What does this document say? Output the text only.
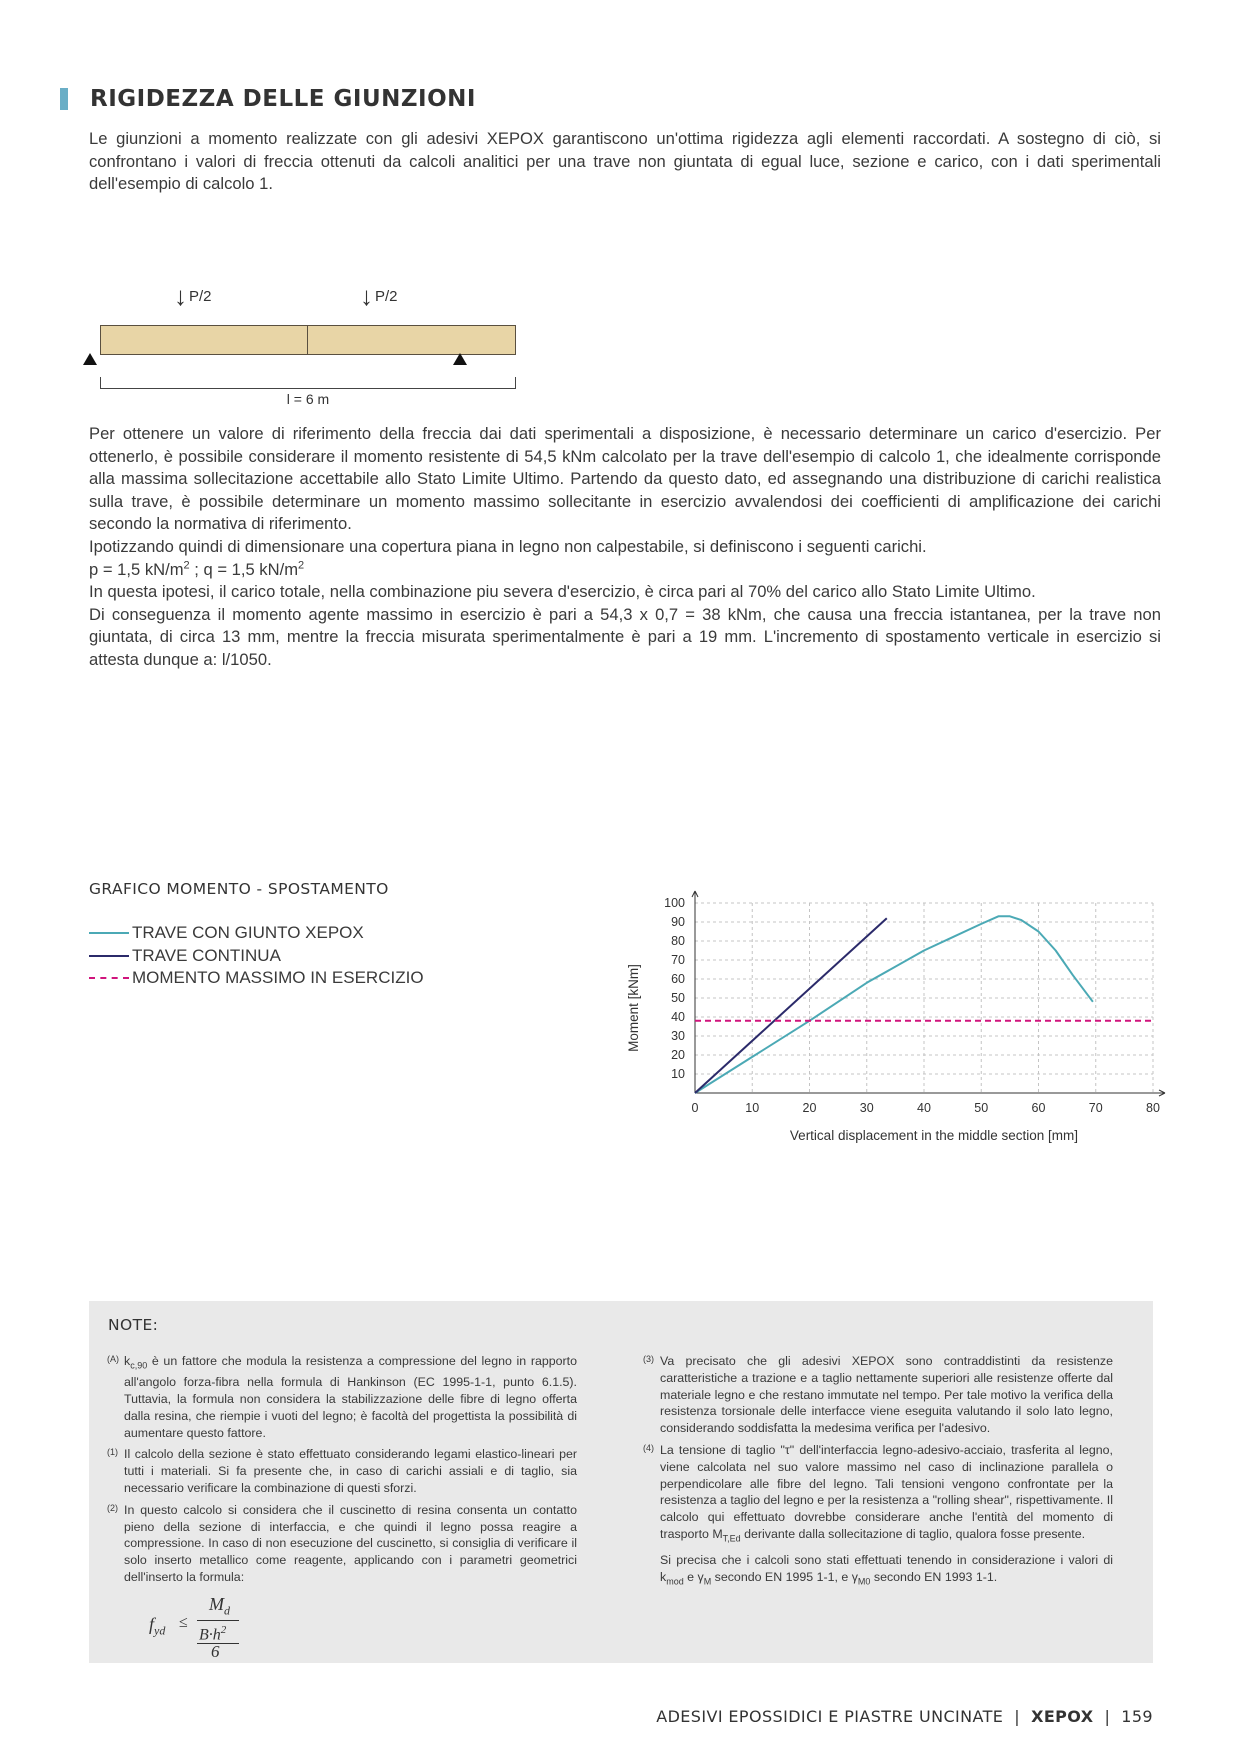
RIGIDEZZA DELLE GIUNZIONI

Le giunzioni a momento realizzate con gli adesivi XEPOX garantiscono un'ottima rigidezza agli elementi raccordati. A sostegno di ciò, si confrontano i valori di freccia ottenuti da calcoli analitici per una trave non giuntata di egual luce, sezione e carico, con i dati sperimentali dell'esempio di calcolo 1.

↓ P/2	↓ P/2
l = 6 m

Per ottenere un valore di riferimento della freccia dai dati sperimentali a disposizione, è necessario determinare un carico d'esercizio. Per ottenerlo, è possibile considerare il momento resistente di 54,5 kNm calcolato per la trave dell'esempio di calcolo 1, che idealmente corrisponde alla massima sollecitazione accettabile allo Stato Limite Ultimo. Partendo da questo dato, ed assegnando una distribuzione di carichi realistica sulla trave, è possibile determinare un momento massimo sollecitante in esercizio avvalendosi dei coefficienti di amplificazione dei carichi secondo la normativa di riferimento.

Ipotizzando quindi di dimensionare una copertura piana in legno non calpestabile, si definiscono i seguenti carichi.

p = 1,5 $kN/m^2$ ; q = 1,5 $kN/m^2$

In questa ipotesi, il carico totale, nella combinazione piu severa d'esercizio, è circa pari al 70% del carico allo Stato Limite Ultimo.

Di conseguenza il momento agente massimo in esercizio è pari a 54,3 x 0,7 = 38 kNm, che causa una freccia istantanea, per la trave non giuntata, di circa 13 mm, mentre la freccia misurata sperimentalmente è pari a 19 mm. L'incremento di spostamento verticale in esercizio si attesta dunque a: l/1050.

GRAFICO MOMENTO - SPOSTAMENTO
TRAVE CON GIUNTO XEPOX
TRAVE CONTINUA
MOMENTO MASSIMO IN ESERCIZIO
0	10	20	30	40	50	60	70	80
10
20
30
40
50
60
70
80
90
100
Vertical displacement in the middle section [mm]
Moment [kNm]
NOTE:
(A) $k_{c,90}$ è un fattore che modula la resistenza a compressione del legno in rapporto all'angolo forza-fibra nella formula di Hankinson (EC 1995-1-1, punto 6.1.5). Tuttavia, la formula non considera la stabilizzazione delle fibre di legno offerta dalla resina, che riempie i vuoti del legno; è facoltà del progettista la possibilità di aumentare questo fattore.
(1) Il calcolo della sezione è stato effettuato considerando legami elastico-lineari per tutti i materiali. Si fa presente che, in caso di carichi assiali e di taglio, sia necessario verificare la combinazione di questi sforzi.
(2) In questo calcolo si considera che il cuscinetto di resina consenta un contatto pieno della sezione di interfaccia, e che quindi il legno possa reagire a compressione. In caso di non esecuzione del cuscinetto, si consiglia di verificare il solo inserto metallico come reagente, applicando con i parametri geometrici dell'inserto la formula:
$f_{yd}$ ≤
$M_d$
$B\cdot h^2$
6
(3) Va precisato che gli adesivi XEPOX sono contraddistinti da resistenze caratteristiche a trazione e a taglio nettamente superiori alle resistenze offerte dal materiale legno e che restano immutate nel tempo. Per tale motivo la verifica della resistenza torsionale delle interfacce viene eseguita valutando il solo lato legno, considerando soddisfatta la medesima verifica per l'adesivo.
(4) La tensione di taglio "τ" dell'interfaccia legno-adesivo-acciaio, trasferita al legno, viene calcolata nel suo valore massimo nel caso di inclinazione parallela o perpendicolare alle fibre del legno. Tali tensioni vengono confrontate per la resistenza a taglio del legno e per la resistenza a "rolling shear", rispettivamente. Il calcolo qui effettuato dovrebbe considerare anche l'entità del momento di trasporto $M_{T,Ed}$ derivante dalla sollecitazione di taglio, qualora fosse presente.
Si precisa che i calcoli sono stati effettuati tenendo in considerazione i valori di $k_{mod}$ e $\gamma_M$ secondo EN 1995 1-1, e $\gamma_{M0}$ secondo EN 1993 1-1.
ADESIVI EPOSSIDICI E PIASTRE UNCINATE | XEPOX | 159
